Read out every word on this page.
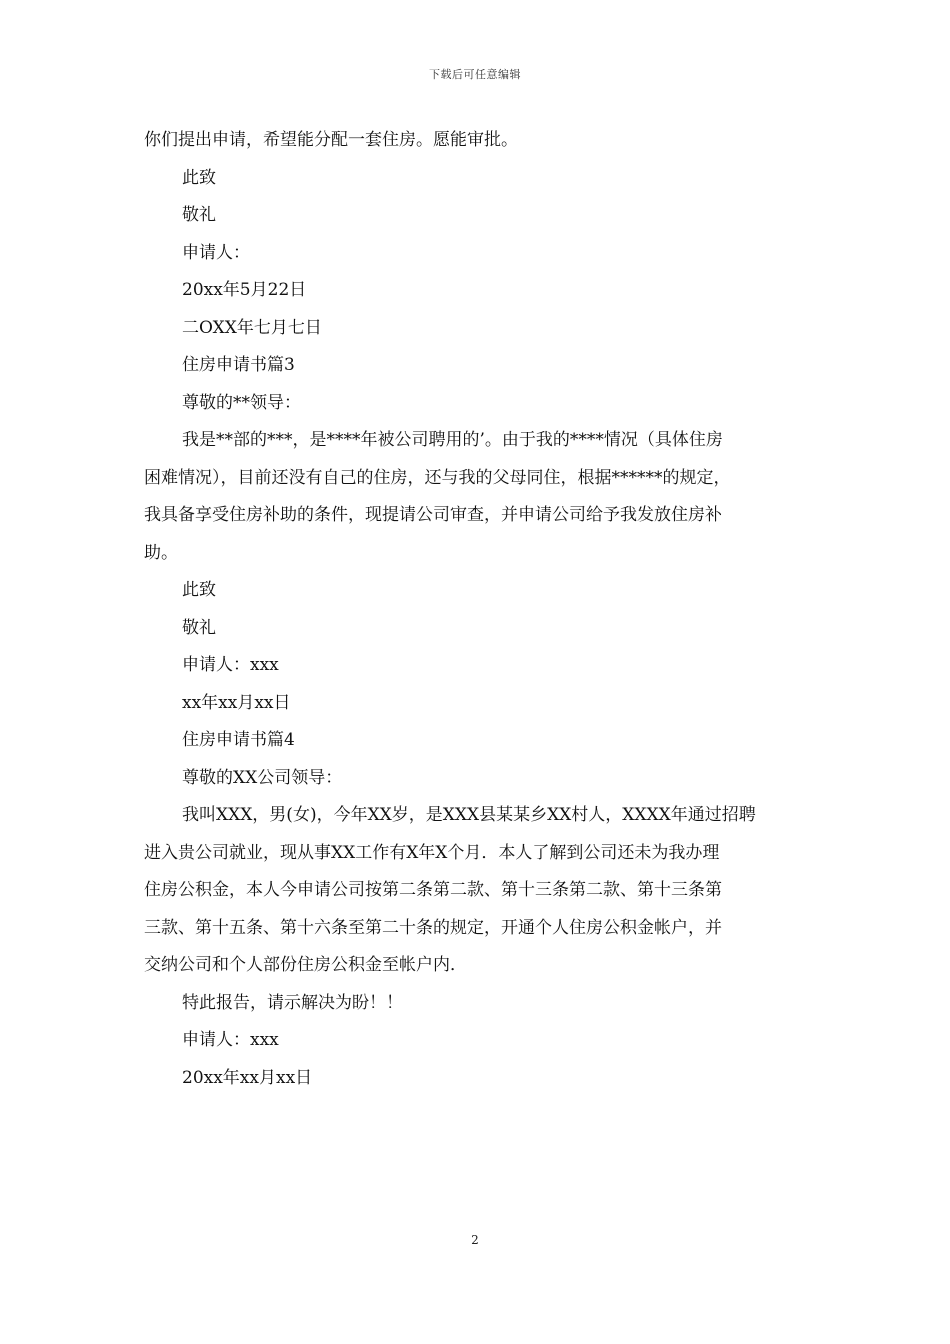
下载后可任意编辑
你们提出申请，希望能分配一套住房。愿能审批。
此致
敬礼
申请人：
20xx年5月22日
二OXX年七月七日
住房申请书篇3
尊敬的**领导：
我是**部的***，是****年被公司聘用的’。由于我的****情况（具体住房
困难情况），目前还没有自己的住房，还与我的父母同住，根据******的规定，
我具备享受住房补助的条件，现提请公司审查，并申请公司给予我发放住房补
助。
此致
敬礼
申请人：xxx
xx年xx月xx日
住房申请书篇4
尊敬的XX公司领导：
我叫XXX，男(女)，今年XX岁，是XXX县某某乡XX村人，XXXX年通过招聘
进入贵公司就业，现从事XX工作有X年X个月．本人了解到公司还未为我办理
住房公积金，本人今申请公司按第二条第二款、第十三条第二款、第十三条第
三款、第十五条、第十六条至第二十条的规定，开通个人住房公积金帐户，并
交纳公司和个人部份住房公积金至帐户内．
特此报告，请示解决为盼！！
申请人：xxx
20xx年xx月xx日
2
